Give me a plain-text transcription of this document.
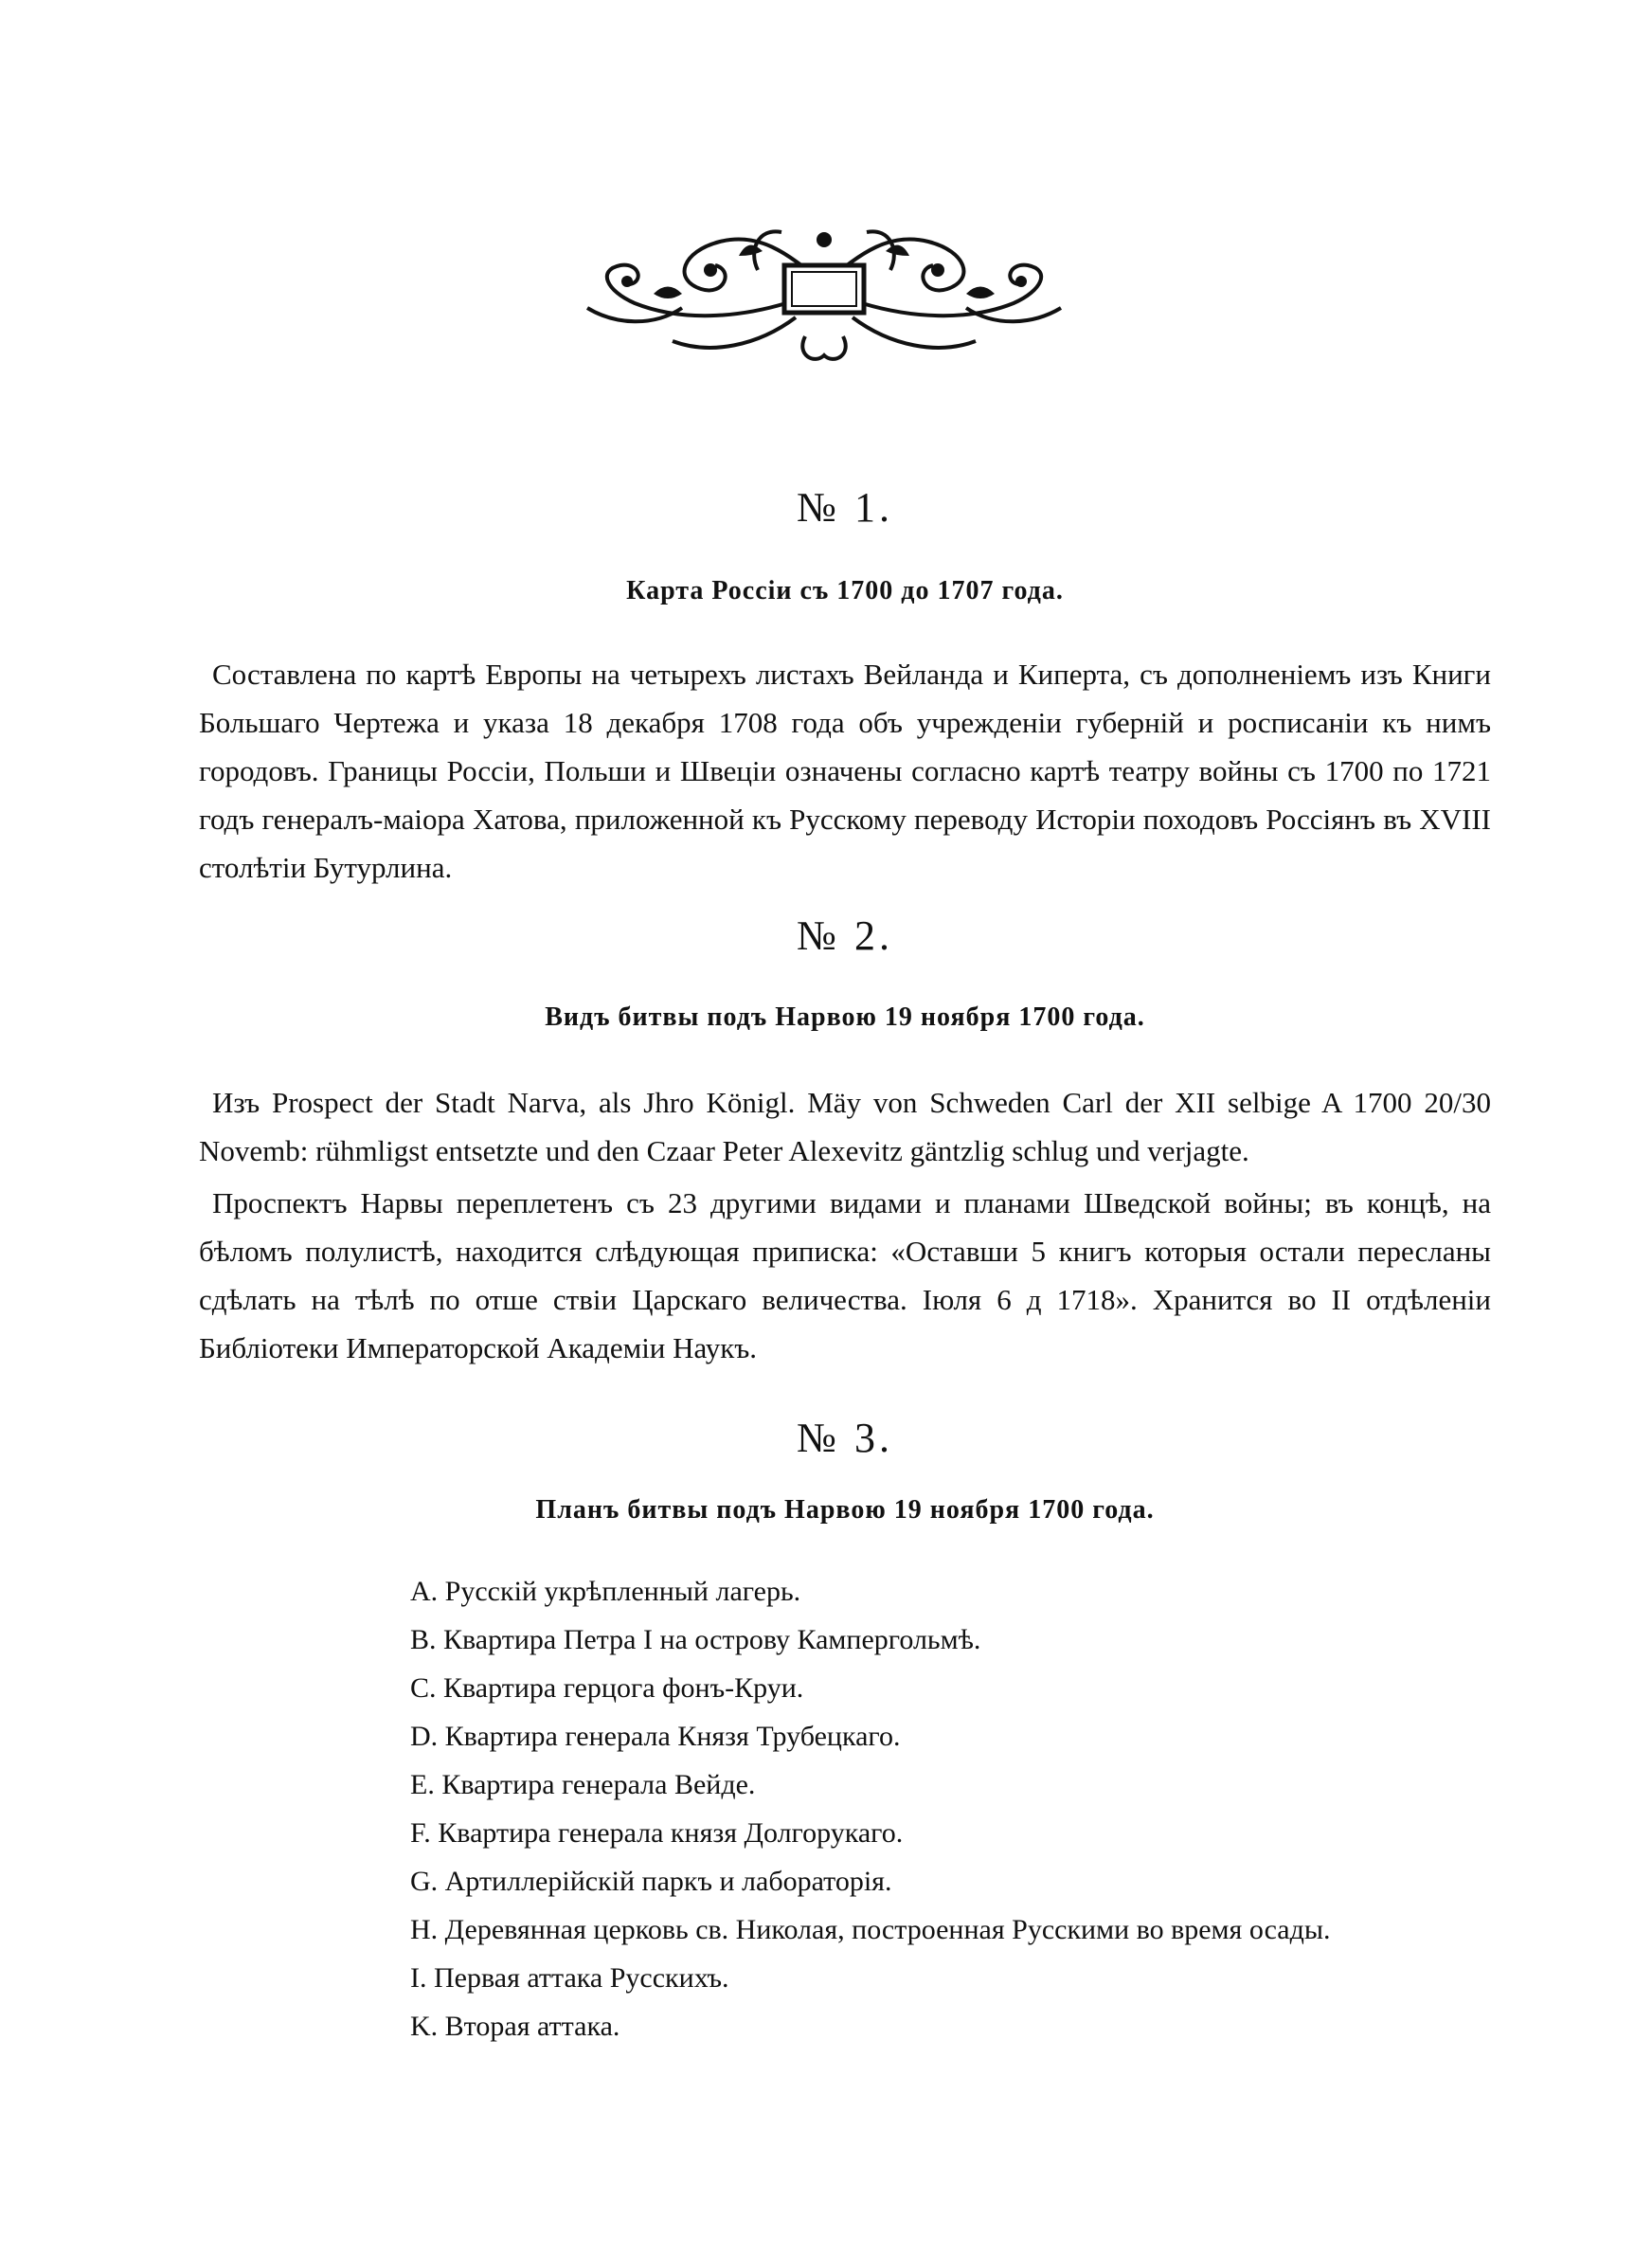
№ 1.
Карта Россіи съ 1700 до 1707 года.

Составлена по картѣ Европы на четырехъ листахъ Вейланда и Киперта, съ дополненіемъ изъ Книги Большаго Чертежа и указа 18 декабря 1708 года объ учрежденіи губерній и росписаніи къ нимъ городовъ. Границы Россіи, Польши и Швеціи означены согласно картѣ театру войны съ 1700 по 1721 годъ генералъ-маіора Хатова, приложенной къ Русскому переводу Исторіи походовъ Россіянъ въ XVIII столѣтіи Бутурлина.

№ 2.
Видъ битвы подъ Нарвою 19 ноября 1700 года.

Изъ Prospect der Stadt Narva, als Jhro Königl. Mäy von Schweden Carl der XII selbige A 1700 20/30 Novemb: rühmligst entsetzte und den Czaar Peter Alexevitz gäntzlig schlug und verjagte.

Проспектъ Нарвы переплетенъ съ 23 другими видами и планами Шведской войны; въ концѣ, на бѣломъ полулистѣ, находится слѣдующая приписка: «Оставши 5 книгъ которыя остали пересланы сдѣлать на тѣлѣ по отше ствіи Царскаго величества. Іюля 6 д 1718». Хранится во II отдѣленіи Библіотеки Императорской Академіи Наукъ.

№ 3.
Планъ битвы подъ Нарвою 19 ноября 1700 года.
A. Русскій укрѣпленный лагерь.
B. Квартира Петра I на острову Кампергольмѣ.
C. Квартира герцога фонъ-Круи.
D. Квартира генерала Князя Трубецкаго.
E. Квартира генерала Вейде.
F. Квартира генерала князя Долгорукаго.
G. Артиллерійскій паркъ и лабораторія.
H. Деревянная церковь св. Николая, построенная Русскими во время осады.
I. Первая аттака Русскихъ.
K. Вторая аттака.
